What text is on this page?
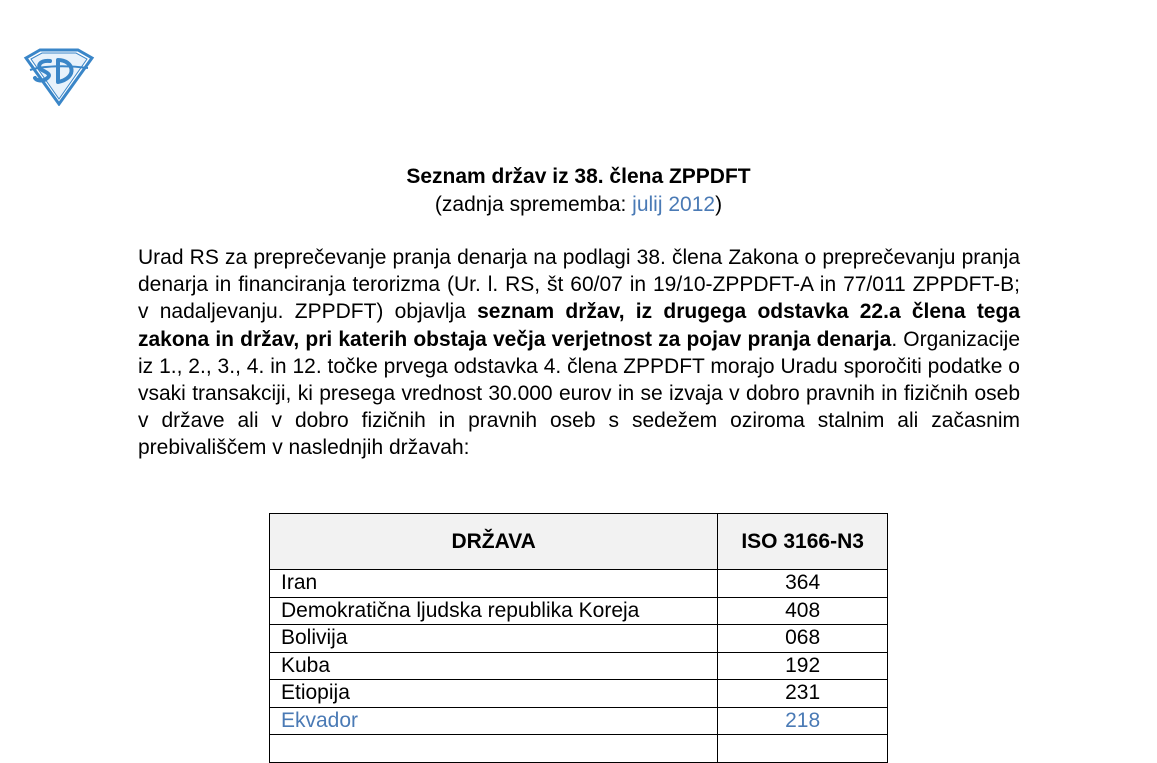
Seznam držav iz 38. člena ZPPDFT
(zadnja sprememba: julij 2012)
Urad RS za preprečevanje pranja denarja na podlagi 38. člena Zakona o preprečevanju pranja denarja in financiranja terorizma (Ur. l. RS, št 60/07 in 19/10-ZPPDFT-A in 77/011 ZPPDFT-B; v nadaljevanju. ZPPDFT) objavlja seznam držav, iz drugega odstavka 22.a člena tega zakona in držav, pri katerih obstaja večja verjetnost za pojav pranja denarja. Organizacije iz 1., 2., 3., 4. in 12. točke prvega odstavka 4. člena ZPPDFT morajo Uradu sporočiti podatke o vsaki transakciji, ki presega vrednost 30.000 eurov in se izvaja v dobro pravnih in fizičnih oseb v države ali v dobro fizičnih in pravnih oseb s sedežem oziroma stalnim ali začasnim prebivališčem v naslednjih državah:
DRŽAVA	ISO 3166-N3
Iran	364
Demokratična ljudska republika Koreja	408
Bolivija	068
Kuba	192
Etiopija	231
Ekvador	218
